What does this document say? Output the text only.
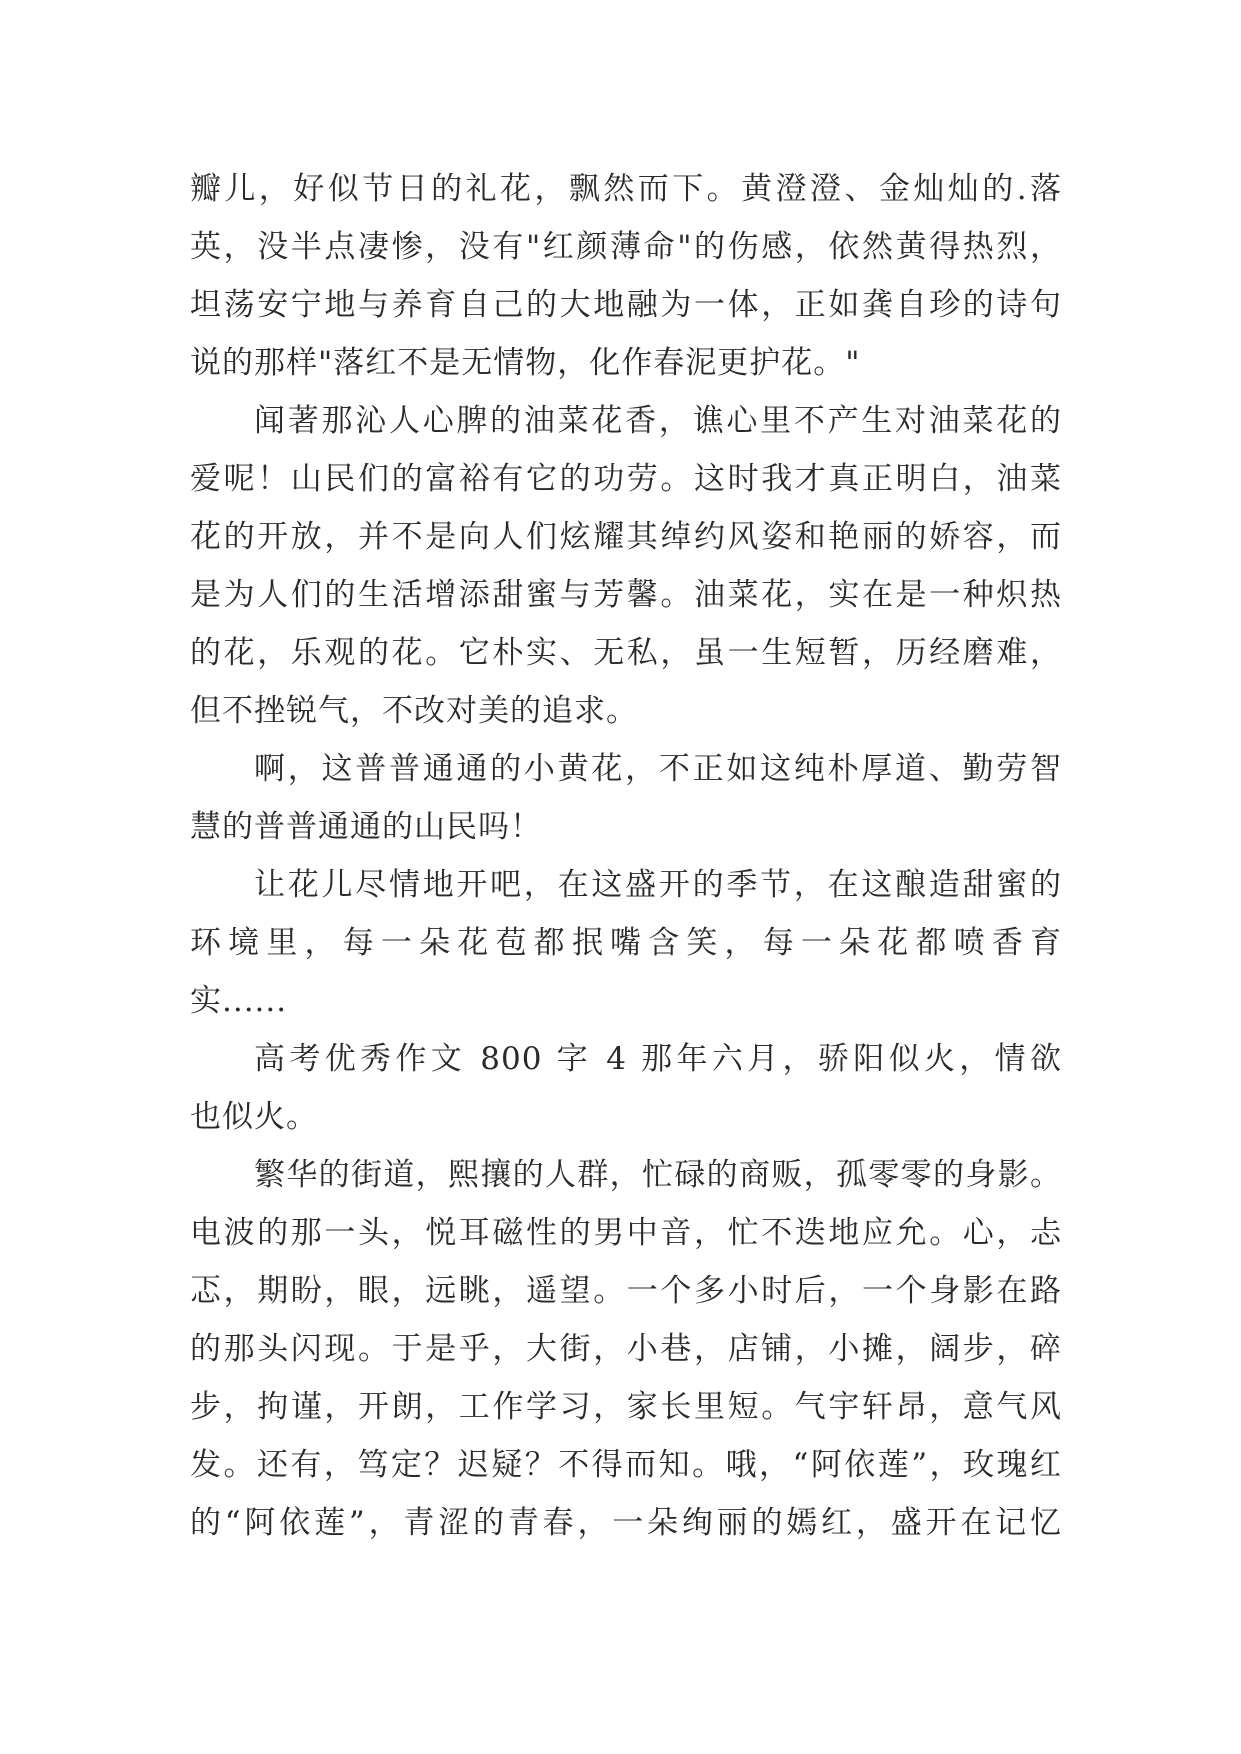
瓣儿，好似节日的礼花，飘然而下。黄澄澄、金灿灿的.落
英，没半点凄惨，没有"红颜薄命"的伤感，依然黄得热烈，
坦荡安宁地与养育自己的大地融为一体，正如龚自珍的诗句
说的那样"落红不是无情物，化作春泥更护花。"
闻著那沁人心脾的油菜花香，谯心里不产生对油菜花的
爱呢！山民们的富裕有它的功劳。这时我才真正明白，油菜
花的开放，并不是向人们炫耀其绰约风姿和艳丽的娇容，而
是为人们的生活增添甜蜜与芳馨。油菜花，实在是一种炽热
的花，乐观的花。它朴实、无私，虽一生短暂，历经磨难，
但不挫锐气，不改对美的追求。
啊，这普普通通的小黄花，不正如这纯朴厚道、勤劳智
慧的普普通通的山民吗！
让花儿尽情地开吧，在这盛开的季节，在这酿造甜蜜的
环境里，每一朵花苞都抿嘴含笑，每一朵花都喷香育
实......
高考优秀作文 800 字 4 那年六月，骄阳似火，情欲
也似火。
繁华的街道，熙攘的人群，忙碌的商贩，孤零零的身影。
电波的那一头，悦耳磁性的男中音，忙不迭地应允。心，忐
忑，期盼，眼，远眺，遥望。一个多小时后，一个身影在路
的那头闪现。于是乎，大街，小巷，店铺，小摊，阔步，碎
步，拘谨，开朗，工作学习，家长里短。气宇轩昂，意气风
发。还有，笃定？迟疑？不得而知。哦，“阿依莲”，玫瑰红
的“阿依莲”，青涩的青春，一朵绚丽的嫣红，盛开在记忆
